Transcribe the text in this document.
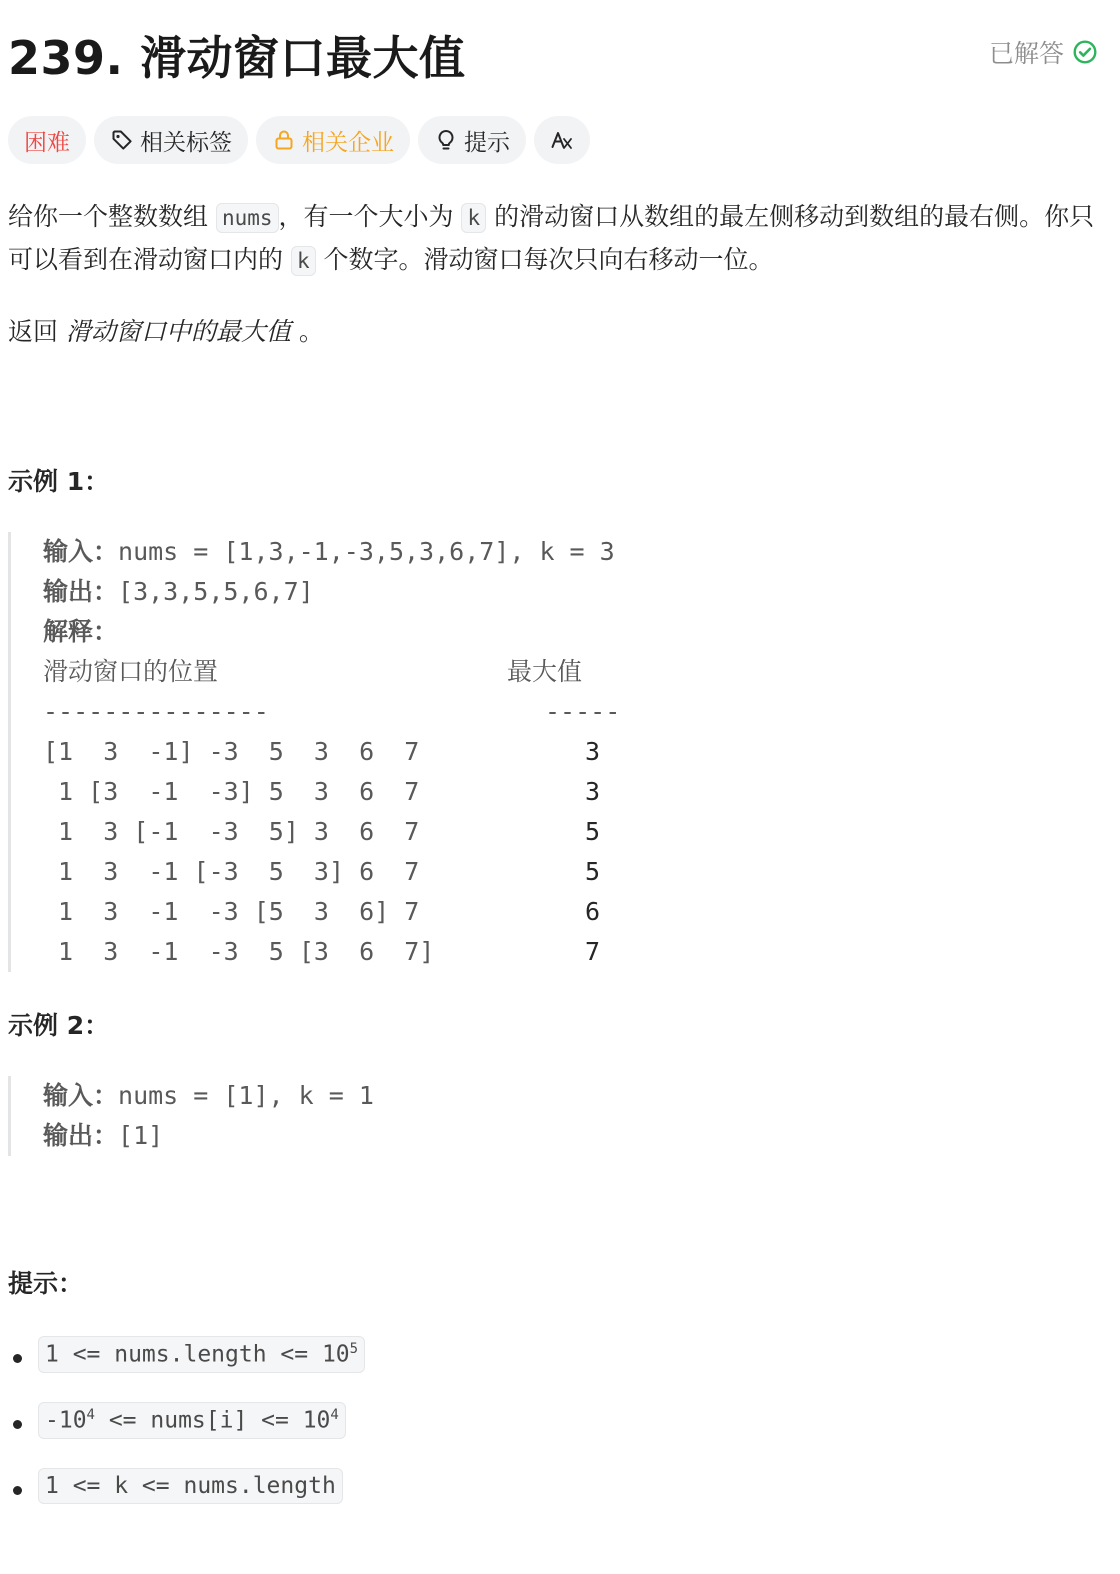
239. 滑动窗口最大值	已解答
困难	相关标签	相关企业	提示
给你一个整数数组 nums ，有一个大小为 k 的滑动窗口从数组的最左侧移动到数组的最右侧。你只可以看到在滑动窗口内的 k 个数字。滑动窗口每次只向右移动一位。
返回 滑动窗口中的最大值 。
示例 1：
输入：nums = [1,3,-1,-3,5,3,6,7], k = 3
输出：[3,3,5,5,6,7]
解释：
滑动窗口的位置	最大值
---------------	-----
[1  3  -1] -3  5  3  6  7	3
1 [3  -1  -3] 5  3  6  7	3
1  3 [-1  -3  5] 3  6  7	5
1  3  -1 [-3  5  3] 6  7	5
1  3  -1  -3 [5  3  6] 7	6
1  3  -1  -3  5 [3  6  7]	7
示例 2：
输入：nums = [1], k = 1
输出：[1]
提示：
1 <= nums.length <= $10^5$
$-10^4$ <= nums[i] <= $10^4$
1 <= k <= nums.length
